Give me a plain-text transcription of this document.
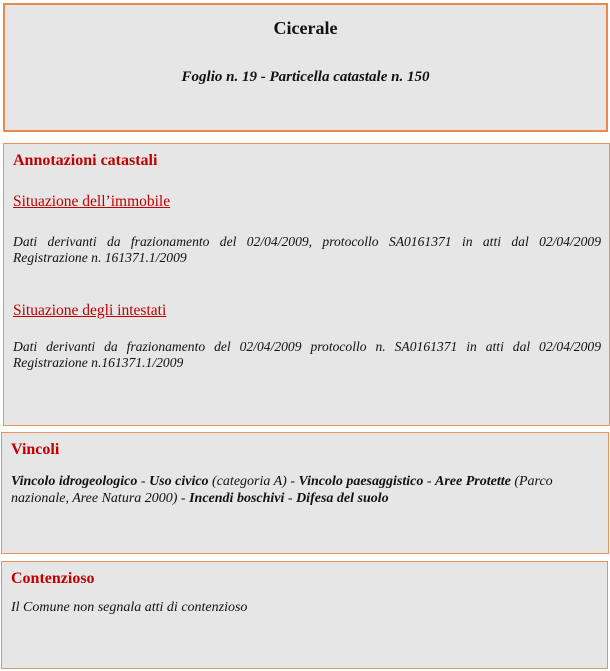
Cicerale
Foglio n. 19 - Particella catastale n. 150
Annotazioni catastali
Situazione dell’immobile
Dati derivanti da frazionamento del 02/04/2009, protocollo SA0161371 in atti dal 02/04/2009
Registrazione n. 161371.1/2009
Situazione degli intestati
Dati derivanti da frazionamento del 02/04/2009 protocollo n. SA0161371 in atti dal 02/04/2009
Registrazione n.161371.1/2009
Vincoli
Vincolo idrogeologico - Uso civico (categoria A) - Vincolo paesaggistico - Aree Protette (Parco nazionale, Aree Natura 2000) - Incendi boschivi - Difesa del suolo
Contenzioso
Il Comune non segnala atti di contenzioso
